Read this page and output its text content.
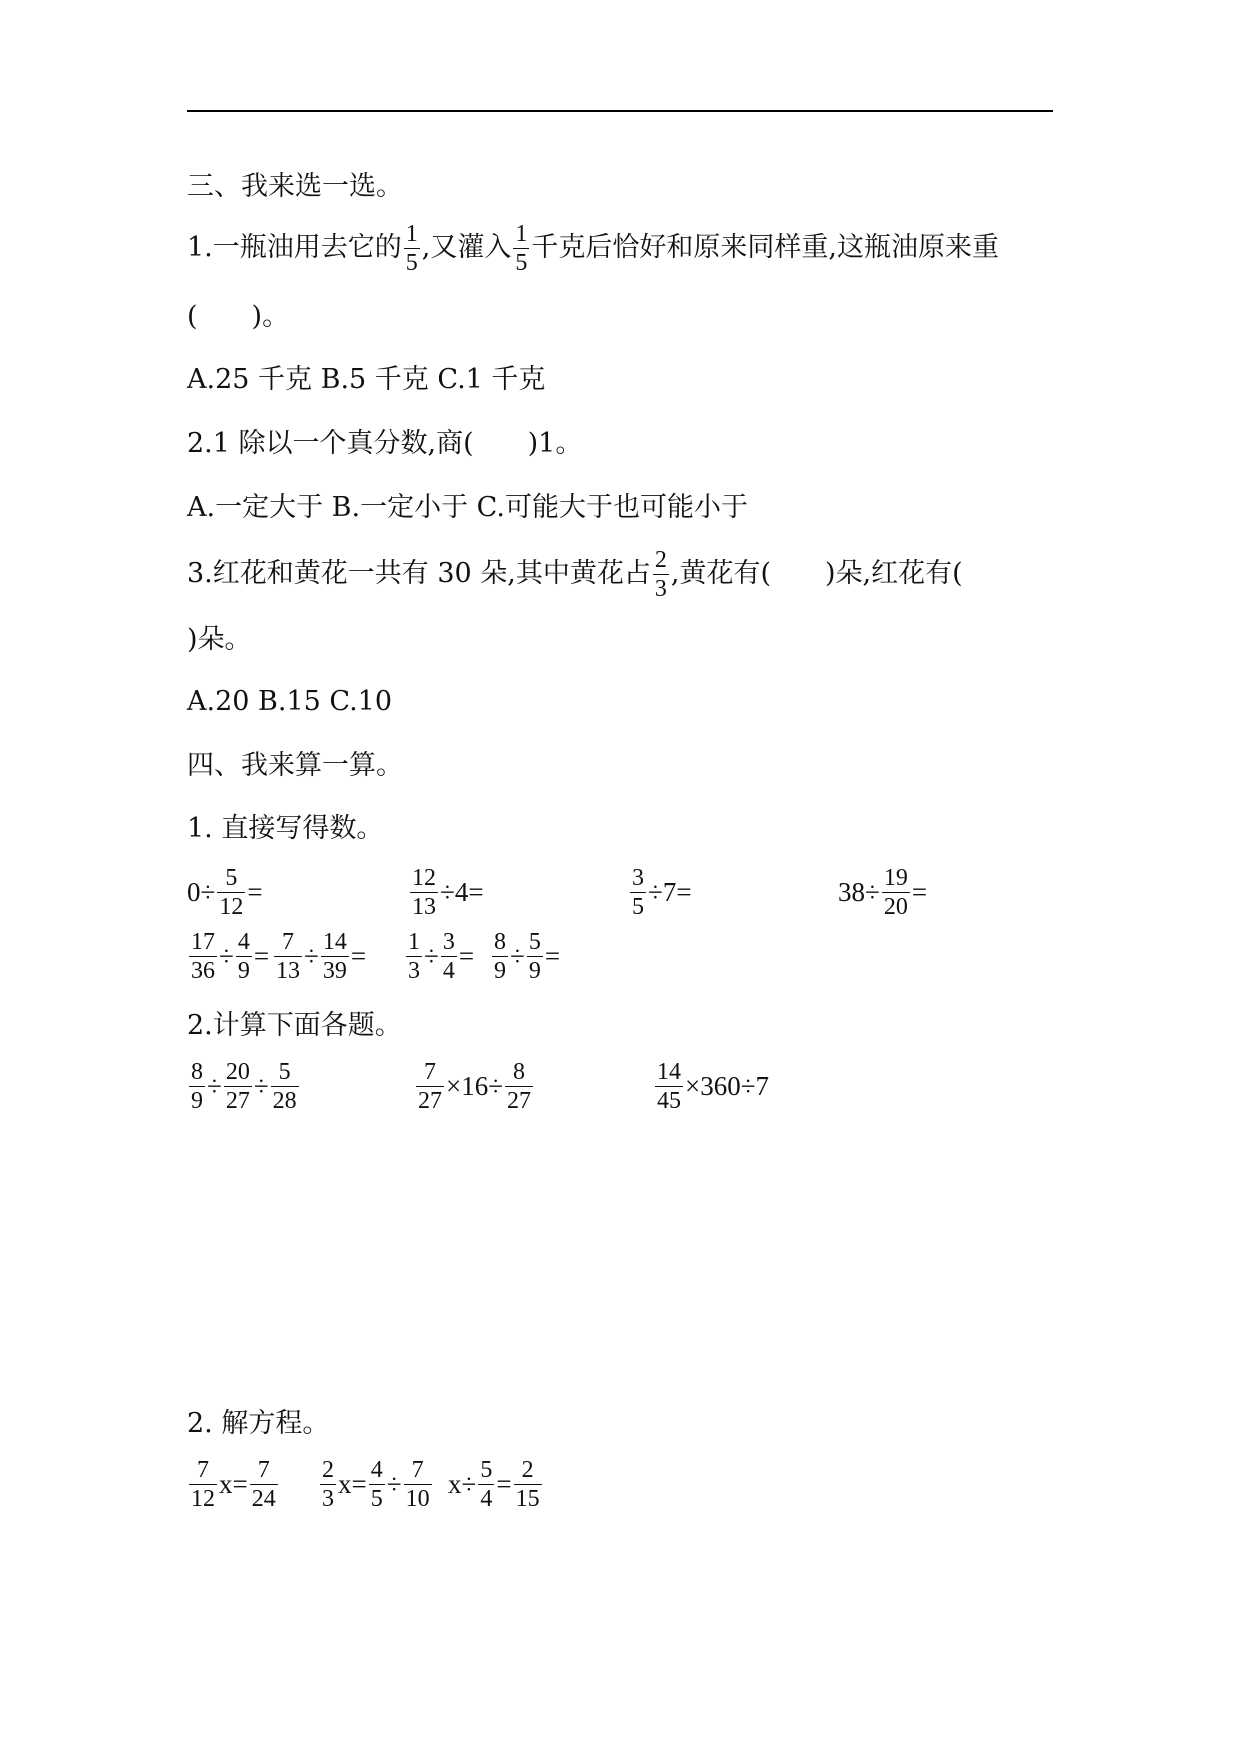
三、我来选一选。
1.一瓶油用去它的 $\frac{1}{5}$ ,又灌入 $\frac{1}{5}$ 千克后恰好和原来同样重,这瓶油原来重
(　　)。
A.25 千克 B.5 千克 C.1 千克
2.1 除以一个真分数,商(　　)1。
A.一定大于 B.一定小于 C.可能大于也可能小于
3.红花和黄花一共有 30 朵,其中黄花占 $\frac{2}{3}$ ,黄花有(　　)朵,红花有(
)朵。
A.20 B.15 C.10
四、我来算一算。
1. 直接写得数。
$0\div \frac{5}{12}$ =	$\frac{12}{13} \div 4=$	$\frac{3}{5} \div 7=$	$38\div \frac{19}{20}$ =
$\frac{17}{36} \div \frac{4}{9} = \frac{7}{13} \div \frac{14}{39} = \frac{1}{3} \div \frac{3}{4} = \frac{8}{9} \div \frac{5}{9}$ =
2.计算下面各题。
$\frac{8}{9} \div \frac{20}{27} \div \frac{5}{28}$	$\frac{7}{27} \times 16\div \frac{8}{27}$	$\frac{14}{45} \times 360\div 7$
2. 解方程。
$\frac{7}{12} x= \frac{7}{24} \frac{2}{3} x= \frac{4}{5} \div \frac{7}{10} x\div \frac{5}{4} = \frac{2}{15}$
